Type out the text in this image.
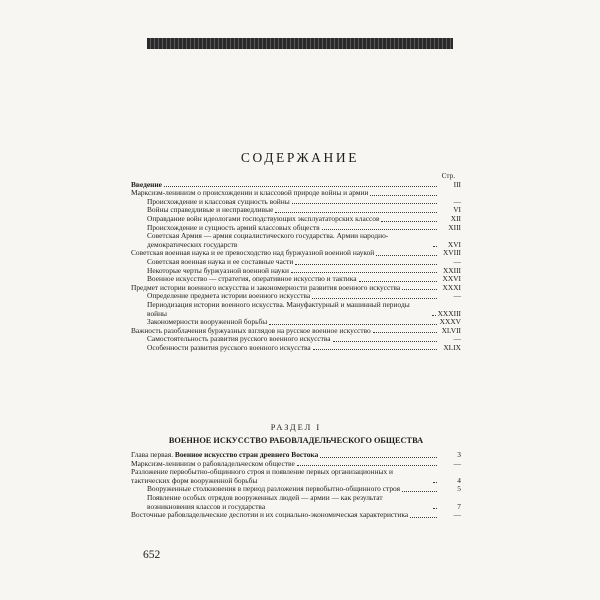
СОДЕРЖАНИЕ
Стр.
Введение	III
Марксизм-ленинизм о происхождении и классовой природе войны и армии
Происхождение и классовая сущность войны	—
Войны справедливые и несправедливые	VI
Оправдание войн идеологами господствующих эксплуататорских классов	XII
Происхождение и сущность армий классовых обществ	XIII
Советская Армия — армия социалистического государства. Армии народно-демократических государств	XVI
Советская военная наука и ее превосходство над буржуазной военной наукой	XVIII
Советская военная наука и ее составные части	—
Некоторые черты буржуазной военной науки	XXIII
Военное искусство — стратегия, оперативное искусство и тактика	XXVI
Предмет истории военного искусства и закономерности развития военного искусства	XXXI
Определение предмета истории военного искусства	—
Периодизация истории военного искусства. Мануфактурный и машинный периоды войны	XXXIII
Закономерности вооруженной борьбы	XXXV
Важность разоблачения буржуазных взглядов на русское военное искусство	XLVII
Самостоятельность развития русского военного искусства	—
Особенности развития русского военного искусства	XLIX
РАЗДЕЛ I
ВОЕННОЕ ИСКУССТВО РАБОВЛАДЕЛЬЧЕСКОГО ОБЩЕСТВА
Глава первая. Военное искусство стран древнего Востока	3
Марксизм-ленинизм о рабовладельческом обществе	—
Разложение первобытно-общинного строя и появление первых организационных и тактических форм вооруженной борьбы	4
Вооруженные столкновения в период разложения первобытно-общинного строя	5
Появление особых отрядов вооруженных людей — армии — как результат возникновения классов и государства	7
Восточные рабовладельческие деспотии и их социально-экономическая характеристика	—
652
